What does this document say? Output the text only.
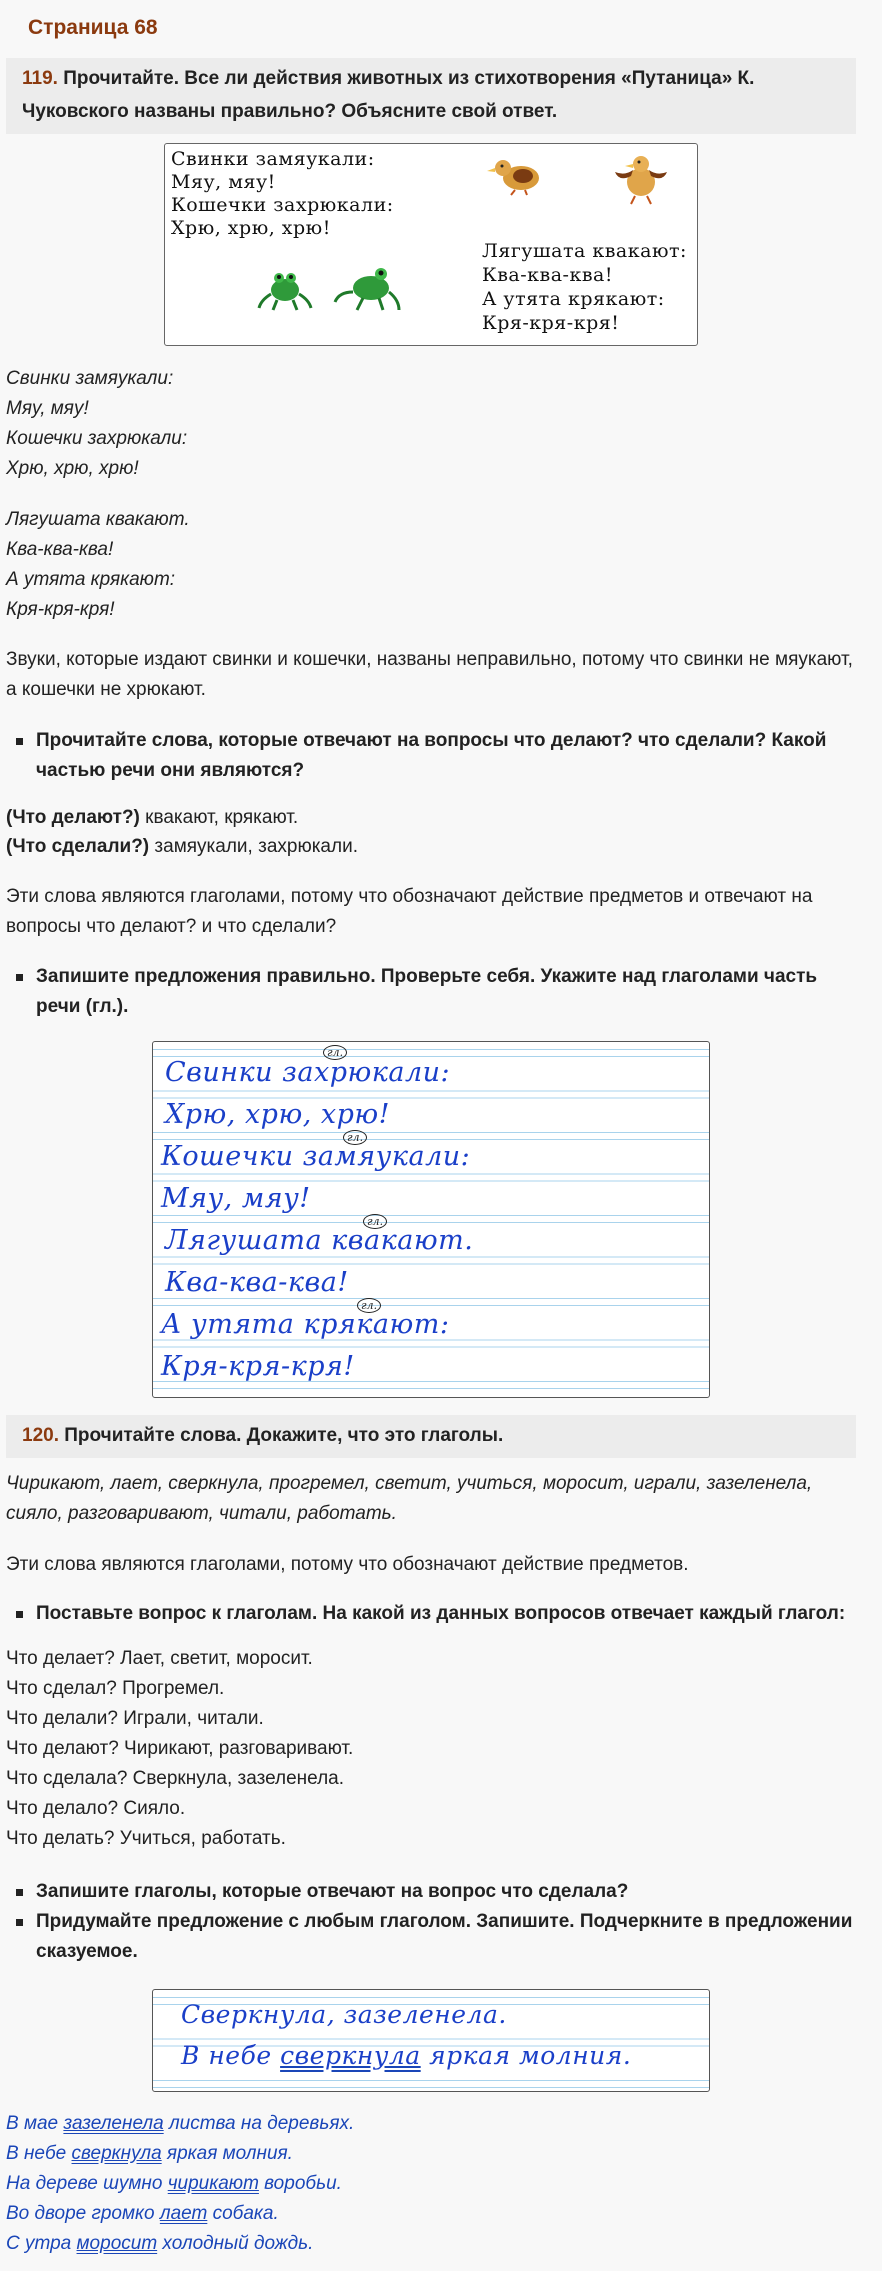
Страница 68
119. Прочитайте. Все ли действия животных из стихотворения «Путаница» К. Чуковского названы правильно? Объясните свой ответ.
Свинки замяукали:
Мяу, мяу!
Кошечки захрюкали:
Хрю, хрю, хрю!
Лягушата квакают:
Ква-ква-ква!
А утята крякают:
Кря-кря-кря!
Свинки замяукали:
Мяу, мяу!
Кошечки захрюкали:
Хрю, хрю, хрю!
Лягушата квакают.
Ква-ква-ква!
А утята крякают:
Кря-кря-кря!
Звуки, которые издают свинки и кошечки, названы неправильно, потому что свинки не мяукают, а кошечки не хрюкают.
Прочитайте слова, которые отвечают на вопросы что делают? что сделали? Какой частью речи они являются?
(Что делают?) квакают, крякают.
(Что сделали?) замяукали, захрюкали.
Эти слова являются глаголами, потому что обозначают действие предметов и отвечают на вопросы что делают? и что сделали?
Запишите предложения правильно. Проверьте себя. Укажите над глаголами часть речи (гл.).
Свинки захрюкали:
Хрю, хрю, хрю!
Кошечки замяукали:
Мяу, мяу!
Лягушата квакают.
Ква-ква-ква!
А утята крякают:
Кря-кря-кря!
гл.
гл.
гл.
гл.
120. Прочитайте слова. Докажите, что это глаголы.
Чирикают, лает, сверкнула, прогремел, светит, учиться, моросит, играли, зазеленела, сияло, разговаривают, читали, работать.
Эти слова являются глаголами, потому что обозначают действие предметов.
Поставьте вопрос к глаголам. На какой из данных вопросов отвечает каждый глагол:
Что делает? Лает, светит, моросит.
Что сделал? Прогремел.
Что делали? Играли, читали.
Что делают? Чирикают, разговаривают.
Что сделала? Сверкнула, зазеленела.
Что делало? Сияло.
Что делать? Учиться, работать.
Запишите глаголы, которые отвечают на вопрос что сделала?
Придумайте предложение с любым глаголом. Запишите. Подчеркните в предложении сказуемое.
Сверкнула, зазеленела.
В небе сверкнула яркая молния.
В мае зазеленела листва на деревьях.
В небе сверкнула яркая молния.
На дереве шумно чирикают воробьи.
Во дворе громко лает собака.
С утра моросит холодный дождь.
